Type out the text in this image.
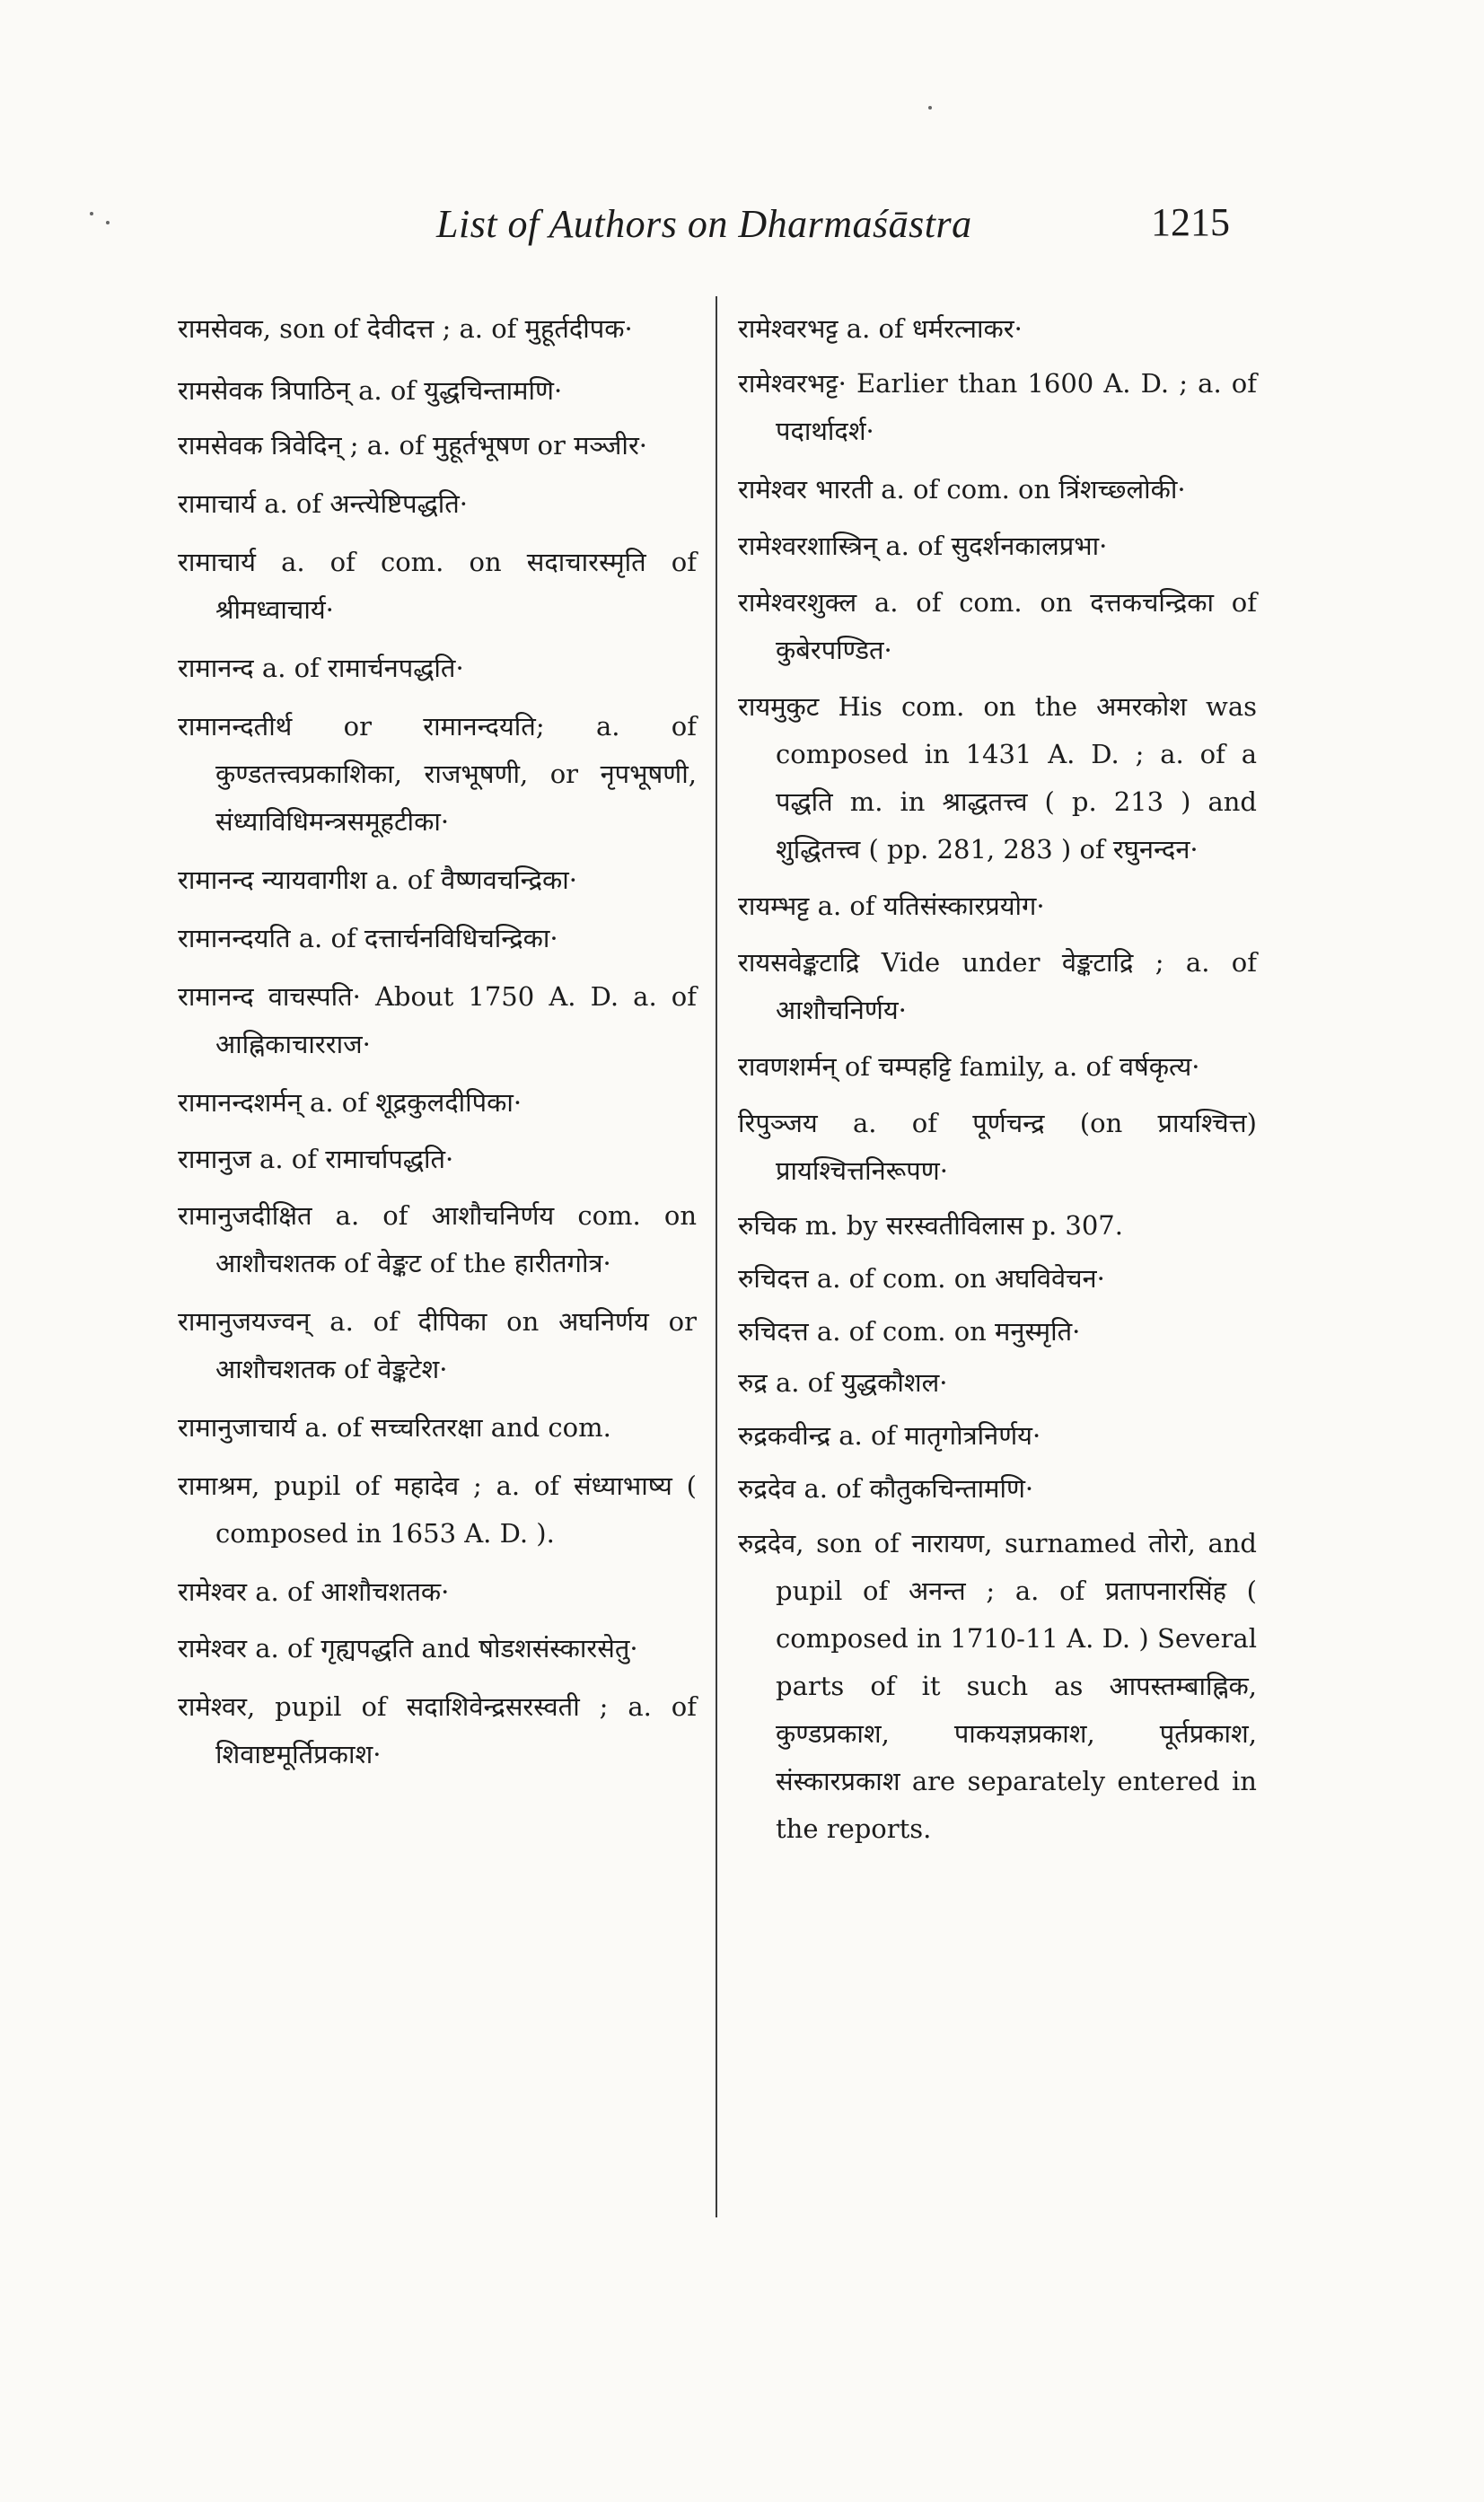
List of Authors on Dharmaśāstra	1215

रामसेवक, son of देवीदत्त ; a. of मुहूर्तदीपक·

रामसेवक त्रिपाठिन् a. of युद्धचिन्तामणि·

रामसेवक त्रिवेदिन् ; a. of मुहूर्तभूषण or मञ्जीर·

रामाचार्य a. of अन्त्येष्टिपद्धति·

रामाचार्य a. of com. on सदाचारस्मृति of श्रीमध्वाचार्य·

रामानन्द a. of रामार्चनपद्धति·

रामानन्दतीर्थ or रामानन्दयति; a. of कुण्डतत्त्वप्रकाशिका, राजभूषणी, or नृपभूषणी, संध्याविधिमन्त्रसमूहटीका·

रामानन्द न्यायवागीश a. of वैष्णवचन्द्रिका·

रामानन्दयति a. of दत्तार्चनविधिचन्द्रिका·

रामानन्द वाचस्पति· About 1750 A. D. a. of आह्निकाचारराज·

रामानन्दशर्मन् a. of शूद्रकुलदीपिका·

रामानुज a. of रामार्चापद्धति·

रामानुजदीक्षित a. of आशौचनिर्णय com. on आशौचशतक of वेङ्कट of the हारीतगोत्र·

रामानुजयज्वन् a. of दीपिका on अघनिर्णय or आशौचशतक of वेङ्कटेश·

रामानुजाचार्य a. of सच्चरितरक्षा and com.

रामाश्रम, pupil of महादेव ; a. of संध्याभाष्य ( composed in 1653 A. D. ).

रामेश्वर a. of आशौचशतक·

रामेश्वर a. of गृह्यपद्धति and षोडशसंस्कारसेतु·

रामेश्वर, pupil of सदाशिवेन्द्रसरस्वती ; a. of शिवाष्टमूर्तिप्रकाश·

रामेश्वरभट्ट a. of धर्मरत्नाकर·

रामेश्वरभट्ट· Earlier than 1600 A. D. ; a. of पदार्थादर्श·

रामेश्वर भारती a. of com. on त्रिंशच्छ्लोकी·

रामेश्वरशास्त्रिन् a. of सुदर्शनकालप्रभा·

रामेश्वरशुक्ल a. of com. on दत्तकचन्द्रिका of कुबेरपण्डित·

रायमुकुट His com. on the अमरकोश was composed in 1431 A. D. ; a. of a पद्धति m. in श्राद्धतत्त्व ( p. 213 ) and शुद्धितत्त्व ( pp. 281, 283 ) of रघुनन्दन·

रायम्भट्ट a. of यतिसंस्कारप्रयोग·

रायसवेङ्कटाद्रि Vide under वेङ्कटाद्रि ; a. of आशौचनिर्णय·

रावणशर्मन् of चम्पहट्टि family, a. of वर्षकृत्य·

रिपुञ्जय a. of पूर्णचन्द्र (on प्रायश्चित्त) प्रायश्चित्तनिरूपण·

रुचिक m. by सरस्वतीविलास p. 307.

रुचिदत्त a. of com. on अघविवेचन·

रुचिदत्त a. of com. on मनुस्मृति·

रुद्र a. of युद्धकौशल·

रुद्रकवीन्द्र a. of मातृगोत्रनिर्णय·

रुद्रदेव a. of कौतुकचिन्तामणि·

रुद्रदेव, son of नारायण, surnamed तोरो, and pupil of अनन्त ; a. of प्रतापनारसिंह ( composed in 1710-11 A. D. ) Several parts of it such as आपस्तम्बाह्निक, कुण्डप्रकाश, पाकयज्ञप्रकाश, पूर्तप्रकाश, संस्कारप्रकाश are separately entered in the reports.
